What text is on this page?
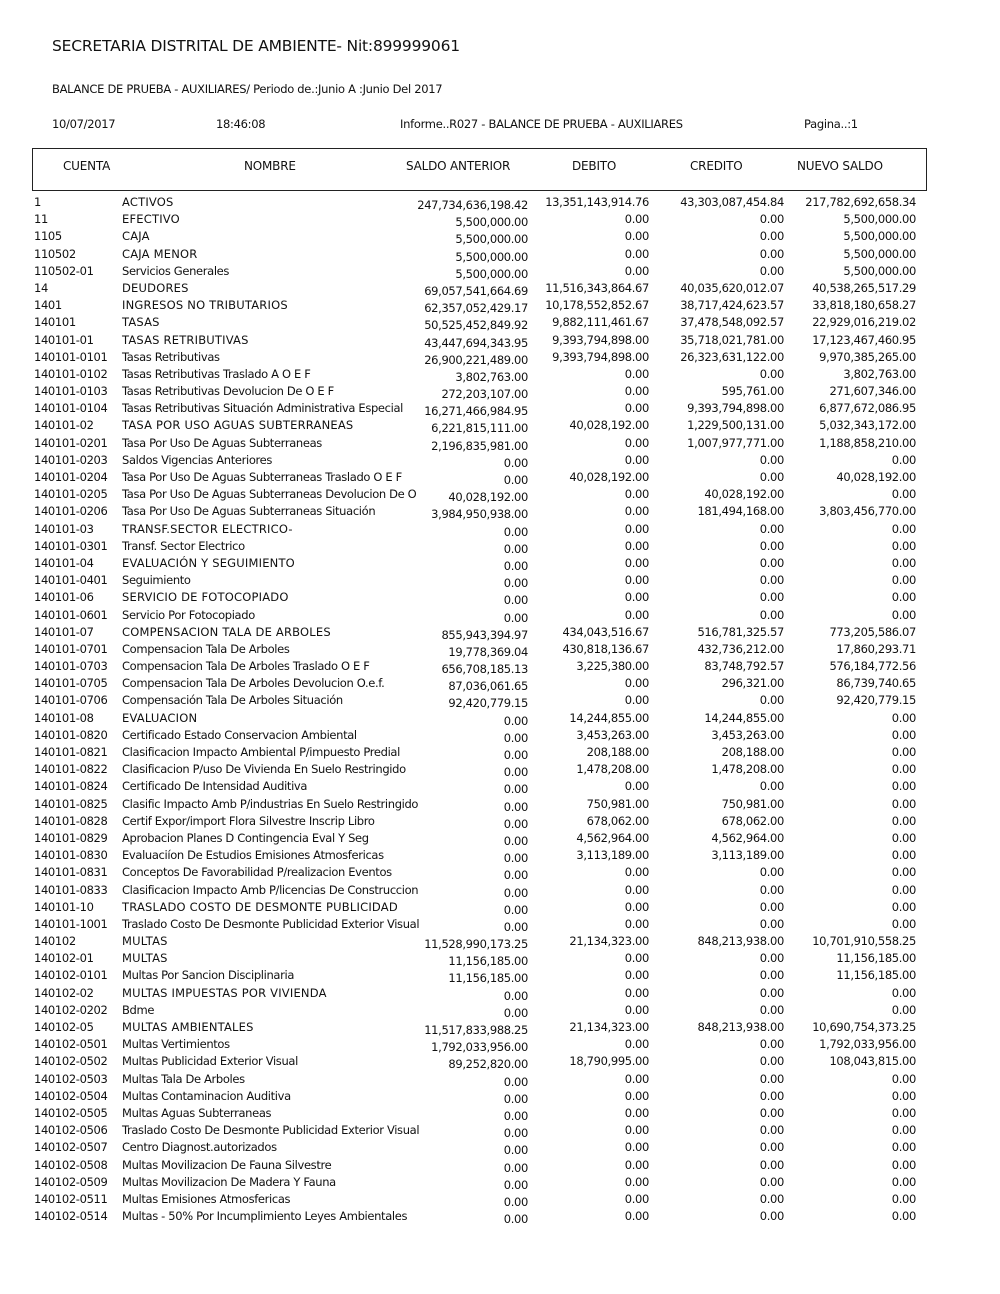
SECRETARIA DISTRITAL DE AMBIENTE- Nit:899999061
BALANCE DE PRUEBA - AUXILIARES/ Periodo de.:Junio A :Junio Del 2017
10/07/2017	18:46:08	Informe..R027 - BALANCE DE PRUEBA - AUXILIARES	Pagina..:1
CUENTA	NOMBRE	SALDO ANTERIOR	DEBITO	CREDITO	NUEVO SALDO
1	ACTIVOS	247,734,636,198.42 13,351,143,914.76	43,303,087,454.84 217,782,692,658.34
11	EFECTIVO	5,500,000.00	0.00	0.00	5,500,000.00
1105	CAJA	5,500,000.00	0.00	0.00	5,500,000.00
110502	CAJA MENOR	5,500,000.00	0.00	0.00	5,500,000.00
110502-01 Servicios Generales	5,500,000.00	0.00	0.00	5,500,000.00
14	DEUDORES	69,057,541,664.69 11,516,343,864.67	40,035,620,012.07 40,538,265,517.29
1401	INGRESOS NO TRIBUTARIOS	62,357,052,429.17 10,178,552,852.67	38,717,424,623.57 33,818,180,658.27
140101	TASAS	50,525,452,849.92 9,882,111,461.67	37,478,548,092.57 22,929,016,219.02
140101-01 TASAS RETRIBUTIVAS	43,447,694,343.95 9,393,794,898.00	35,718,021,781.00 17,123,467,460.95
140101-0101 Tasas Retributivas	26,900,221,489.00 9,393,794,898.00	26,323,631,122.00	9,970,385,265.00
140101-0102 Tasas Retributivas Traslado A O E F	3,802,763.00	0.00	0.00	3,802,763.00
140101-0103 Tasas Retributivas Devolucion De O E F	272,203,107.00	0.00	595,761.00	271,607,346.00
140101-0104 Tasas Retributivas Situación Administrativa Especial 16,271,466,984.95	0.00	9,393,794,898.00	6,877,672,086.95
140101-02 TASA POR USO AGUAS SUBTERRANEAS	6,221,815,111.00	40,028,192.00	1,229,500,131.00	5,032,343,172.00
140101-0201 Tasa Por Uso De Aguas Subterraneas	2,196,835,981.00	0.00	1,007,977,771.00	1,188,858,210.00
140101-0203 Saldos Vigencias Anteriores	0.00	0.00	0.00	0.00
140101-0204 Tasa Por Uso De Aguas Subterraneas Traslado O E F	0.00	40,028,192.00	0.00	40,028,192.00
140101-0205 Tasa Por Uso De Aguas Subterraneas Devolucion De O	40,028,192.00	0.00	40,028,192.00	0.00
140101-0206 Tasa Por Uso De Aguas Subterraneas Situación	3,984,950,938.00	0.00	181,494,168.00	3,803,456,770.00
140101-03 TRANSF.SECTOR ELECTRICO-	0.00	0.00	0.00	0.00
140101-0301 Transf. Sector Electrico	0.00	0.00	0.00	0.00
140101-04 EVALUACIÓN Y SEGUIMIENTO	0.00	0.00	0.00	0.00
140101-0401 Seguimiento	0.00	0.00	0.00	0.00
140101-06 SERVICIO DE FOTOCOPIADO	0.00	0.00	0.00	0.00
140101-0601 Servicio Por Fotocopiado	0.00	0.00	0.00	0.00
140101-07 COMPENSACION TALA DE ARBOLES	855,943,394.97	434,043,516.67	516,781,325.57	773,205,586.07
140101-0701 Compensacion Tala De Arboles	19,778,369.04	430,818,136.67	432,736,212.00	17,860,293.71
140101-0703 Compensacion Tala De Arboles Traslado O E F	656,708,185.13	3,225,380.00	83,748,792.57	576,184,772.56
140101-0705 Compensacion Tala De Arboles Devolucion O.e.f.	87,036,061.65	0.00	296,321.00	86,739,740.65
140101-0706 Compensación Tala De Arboles Situación	92,420,779.15	0.00	0.00	92,420,779.15
140101-08 EVALUACION	0.00	14,244,855.00	14,244,855.00	0.00
140101-0820 Certificado Estado Conservacion Ambiental	0.00	3,453,263.00	3,453,263.00	0.00
140101-0821 Clasificacion Impacto Ambiental P/impuesto Predial	0.00	208,188.00	208,188.00	0.00
140101-0822 Clasificacion P/uso De Vivienda En Suelo Restringido	0.00	1,478,208.00	1,478,208.00	0.00
140101-0824 Certificado De Intensidad Auditiva	0.00	0.00	0.00	0.00
140101-0825 Clasific Impacto Amb P/industrias En Suelo Restringido	0.00	750,981.00	750,981.00	0.00
140101-0828 Certif Expor/import Flora Silvestre Inscrip Libro	0.00	678,062.00	678,062.00	0.00
140101-0829 Aprobacion Planes D Contingencia Eval Y Seg	0.00	4,562,964.00	4,562,964.00	0.00
140101-0830 Evaluaciíon De Estudios Emisiones Atmosfericas	0.00	3,113,189.00	3,113,189.00	0.00
140101-0831 Conceptos De Favorabilidad P/realizacion Eventos	0.00	0.00	0.00	0.00
140101-0833 Clasificacion Impacto Amb P/licencias De Construccion	0.00	0.00	0.00	0.00
140101-10 TRASLADO COSTO DE DESMONTE PUBLICIDAD	0.00	0.00	0.00	0.00
140101-1001 Traslado Costo De Desmonte Publicidad Exterior Visual	0.00	0.00	0.00	0.00
140102	MULTAS	11,528,990,173.25	21,134,323.00	848,213,938.00 10,701,910,558.25
140102-01 MULTAS	11,156,185.00	0.00	0.00	11,156,185.00
140102-0101 Multas Por Sancion Disciplinaria	11,156,185.00	0.00	0.00	11,156,185.00
140102-02 MULTAS IMPUESTAS POR VIVIENDA	0.00	0.00	0.00	0.00
140102-0202 Bdme	0.00	0.00	0.00	0.00
140102-05 MULTAS AMBIENTALES	11,517,833,988.25	21,134,323.00	848,213,938.00 10,690,754,373.25
140102-0501 Multas Vertimientos	1,792,033,956.00	0.00	0.00	1,792,033,956.00
140102-0502 Multas Publicidad Exterior Visual	89,252,820.00	18,790,995.00	0.00	108,043,815.00
140102-0503 Multas Tala De Arboles	0.00	0.00	0.00	0.00
140102-0504 Multas Contaminacion Auditiva	0.00	0.00	0.00	0.00
140102-0505 Multas Aguas Subterraneas	0.00	0.00	0.00	0.00
140102-0506 Traslado Costo De Desmonte Publicidad Exterior Visual	0.00	0.00	0.00	0.00
140102-0507 Centro Diagnost.autorizados	0.00	0.00	0.00	0.00
140102-0508 Multas Movilizacion De Fauna Silvestre	0.00	0.00	0.00	0.00
140102-0509 Multas Movilizacion De Madera Y Fauna	0.00	0.00	0.00	0.00
140102-0511 Multas Emisiones Atmosfericas	0.00	0.00	0.00	0.00
140102-0514 Multas - 50% Por Incumplimiento Leyes Ambientales	0.00	0.00	0.00	0.00
